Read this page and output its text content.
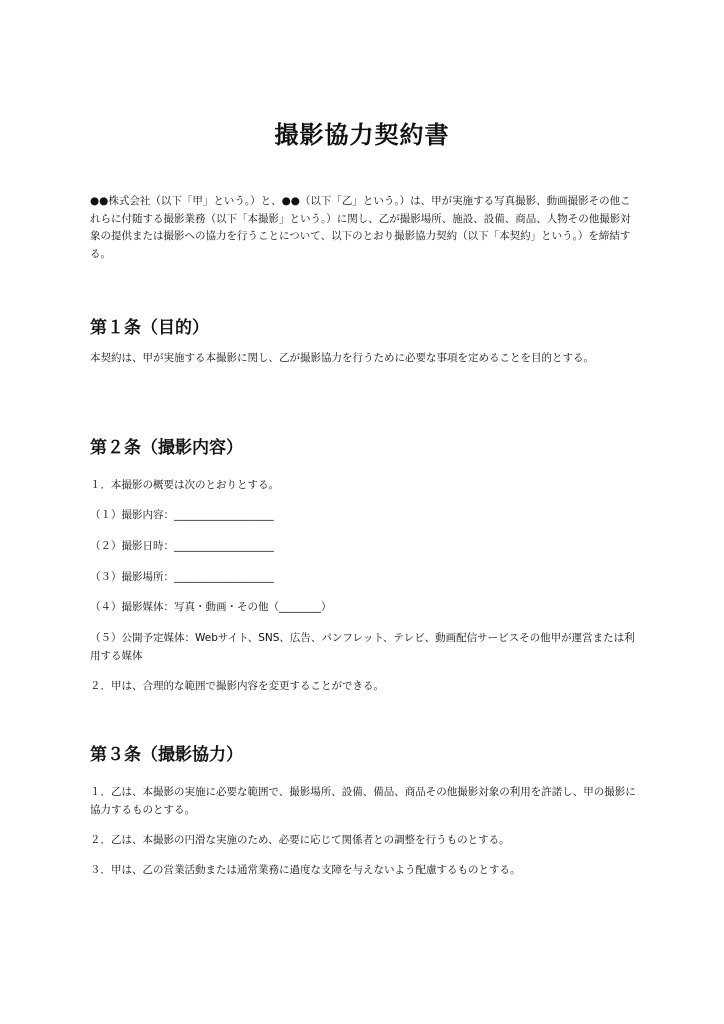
撮影協力契約書

●●株式会社（以下「甲」という。）と、●●（以下「乙」という。）は、甲が実施する写真撮影、動画撮影その他これらに付随する撮影業務（以下「本撮影」という。）に関し、乙が撮影場所、施設、設備、商品、人物その他撮影対象の提供または撮影への協力を行うことについて、以下のとおり撮影協力契約（以下「本契約」という。）を締結する。

第１条（目的）

本契約は、甲が実施する本撮影に関し、乙が撮影協力を行うために必要な事項を定めることを目的とする。

第２条（撮影内容）

１．本撮影の概要は次のとおりとする。

（１）撮影内容：___________________

（２）撮影日時：___________________

（３）撮影場所：___________________

（４）撮影媒体：写真・動画・その他（________）

（５）公開予定媒体：Webサイト、SNS、広告、パンフレット、テレビ、動画配信サービスその他甲が運営または利用する媒体

２．甲は、合理的な範囲で撮影内容を変更することができる。

第３条（撮影協力）

１．乙は、本撮影の実施に必要な範囲で、撮影場所、設備、備品、商品その他撮影対象の利用を許諾し、甲の撮影に協力するものとする。

２．乙は、本撮影の円滑な実施のため、必要に応じて関係者との調整を行うものとする。

３．甲は、乙の営業活動または通常業務に過度な支障を与えないよう配慮するものとする。
